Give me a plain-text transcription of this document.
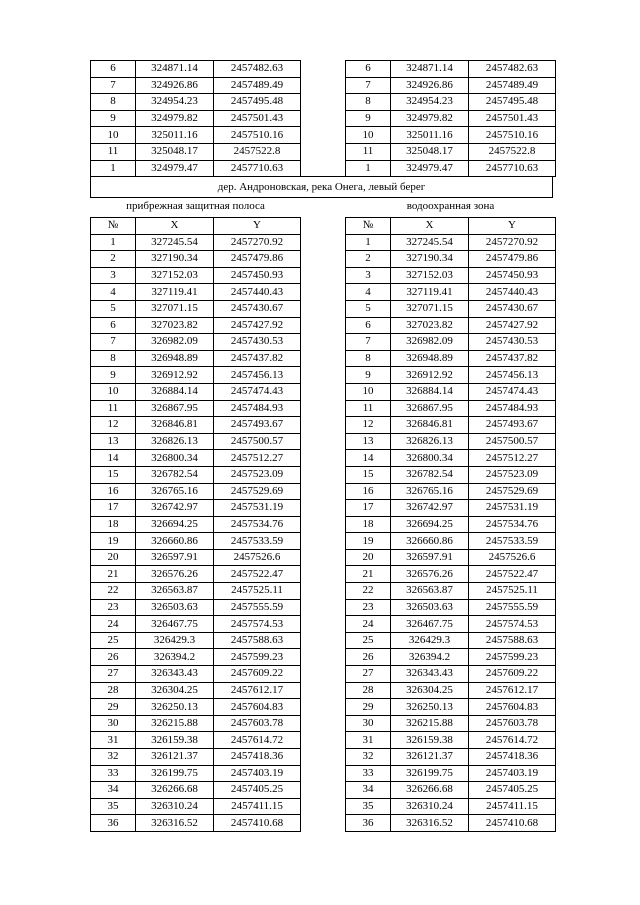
6	324871.14	2457482.63
7	324926.86	2457489.49
8	324954.23	2457495.48
9	324979.82	2457501.43
10	325011.16	2457510.16
11	325048.17	2457522.8
1	324979.47	2457710.63
6	324871.14	2457482.63
7	324926.86	2457489.49
8	324954.23	2457495.48
9	324979.82	2457501.43
10	325011.16	2457510.16
11	325048.17	2457522.8
1	324979.47	2457710.63
дер. Андроновская, река Онега, левый берег
прибрежная защитная полоса	водоохранная зона
№	X	Y
1	327245.54	2457270.92
2	327190.34	2457479.86
3	327152.03	2457450.93
4	327119.41	2457440.43
5	327071.15	2457430.67
6	327023.82	2457427.92
7	326982.09	2457430.53
8	326948.89	2457437.82
9	326912.92	2457456.13
10	326884.14	2457474.43
11	326867.95	2457484.93
12	326846.81	2457493.67
13	326826.13	2457500.57
14	326800.34	2457512.27
15	326782.54	2457523.09
16	326765.16	2457529.69
17	326742.97	2457531.19
18	326694.25	2457534.76
19	326660.86	2457533.59
20	326597.91	2457526.6
21	326576.26	2457522.47
22	326563.87	2457525.11
23	326503.63	2457555.59
24	326467.75	2457574.53
25	326429.3	2457588.63
26	326394.2	2457599.23
27	326343.43	2457609.22
28	326304.25	2457612.17
29	326250.13	2457604.83
30	326215.88	2457603.78
31	326159.38	2457614.72
32	326121.37	2457418.36
33	326199.75	2457403.19
34	326266.68	2457405.25
35	326310.24	2457411.15
36	326316.52	2457410.68
№	X	Y
1	327245.54	2457270.92
2	327190.34	2457479.86
3	327152.03	2457450.93
4	327119.41	2457440.43
5	327071.15	2457430.67
6	327023.82	2457427.92
7	326982.09	2457430.53
8	326948.89	2457437.82
9	326912.92	2457456.13
10	326884.14	2457474.43
11	326867.95	2457484.93
12	326846.81	2457493.67
13	326826.13	2457500.57
14	326800.34	2457512.27
15	326782.54	2457523.09
16	326765.16	2457529.69
17	326742.97	2457531.19
18	326694.25	2457534.76
19	326660.86	2457533.59
20	326597.91	2457526.6
21	326576.26	2457522.47
22	326563.87	2457525.11
23	326503.63	2457555.59
24	326467.75	2457574.53
25	326429.3	2457588.63
26	326394.2	2457599.23
27	326343.43	2457609.22
28	326304.25	2457612.17
29	326250.13	2457604.83
30	326215.88	2457603.78
31	326159.38	2457614.72
32	326121.37	2457418.36
33	326199.75	2457403.19
34	326266.68	2457405.25
35	326310.24	2457411.15
36	326316.52	2457410.68
